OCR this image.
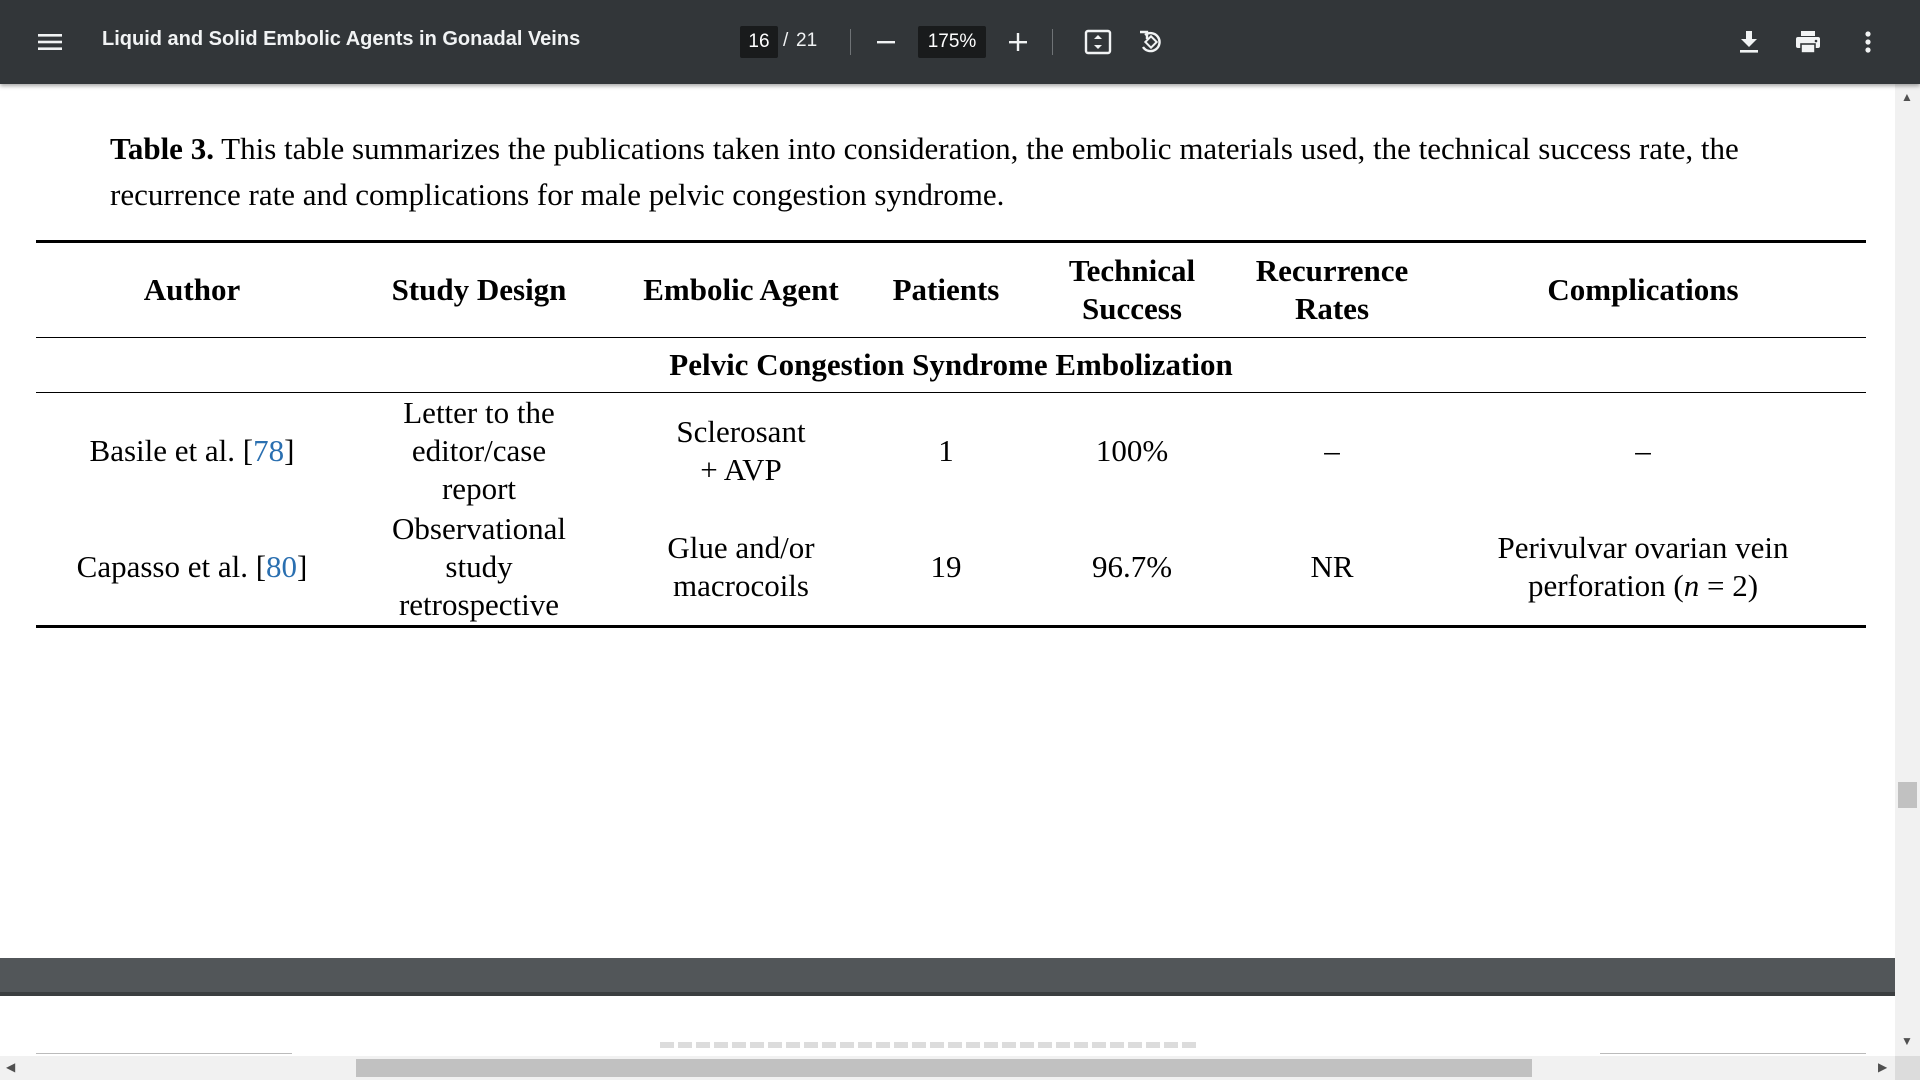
Liquid and Solid Embolic Agents in Gonadal Veins	16 / 21	175%
Table 3. This table summarizes the publications taken into consideration, the embolic materials used, the technical success rate, the recurrence rate and complications for male pelvic congestion syndrome.
Author	Study Design	Embolic Agent	Patients	Technical Success	Recurrence Rates	Complications
Pelvic Congestion Syndrome Embolization						
Basile et al. [78]	Letter to the editor/case report	Sclerosant + AVP	1	100%	–	–
Capasso et al. [80]	Observational study retrospective	Glue and/or macrocoils	19	96.7%	NR	Perivulvar ovarian vein perforation (n = 2)
▲
▼
◀	▶
